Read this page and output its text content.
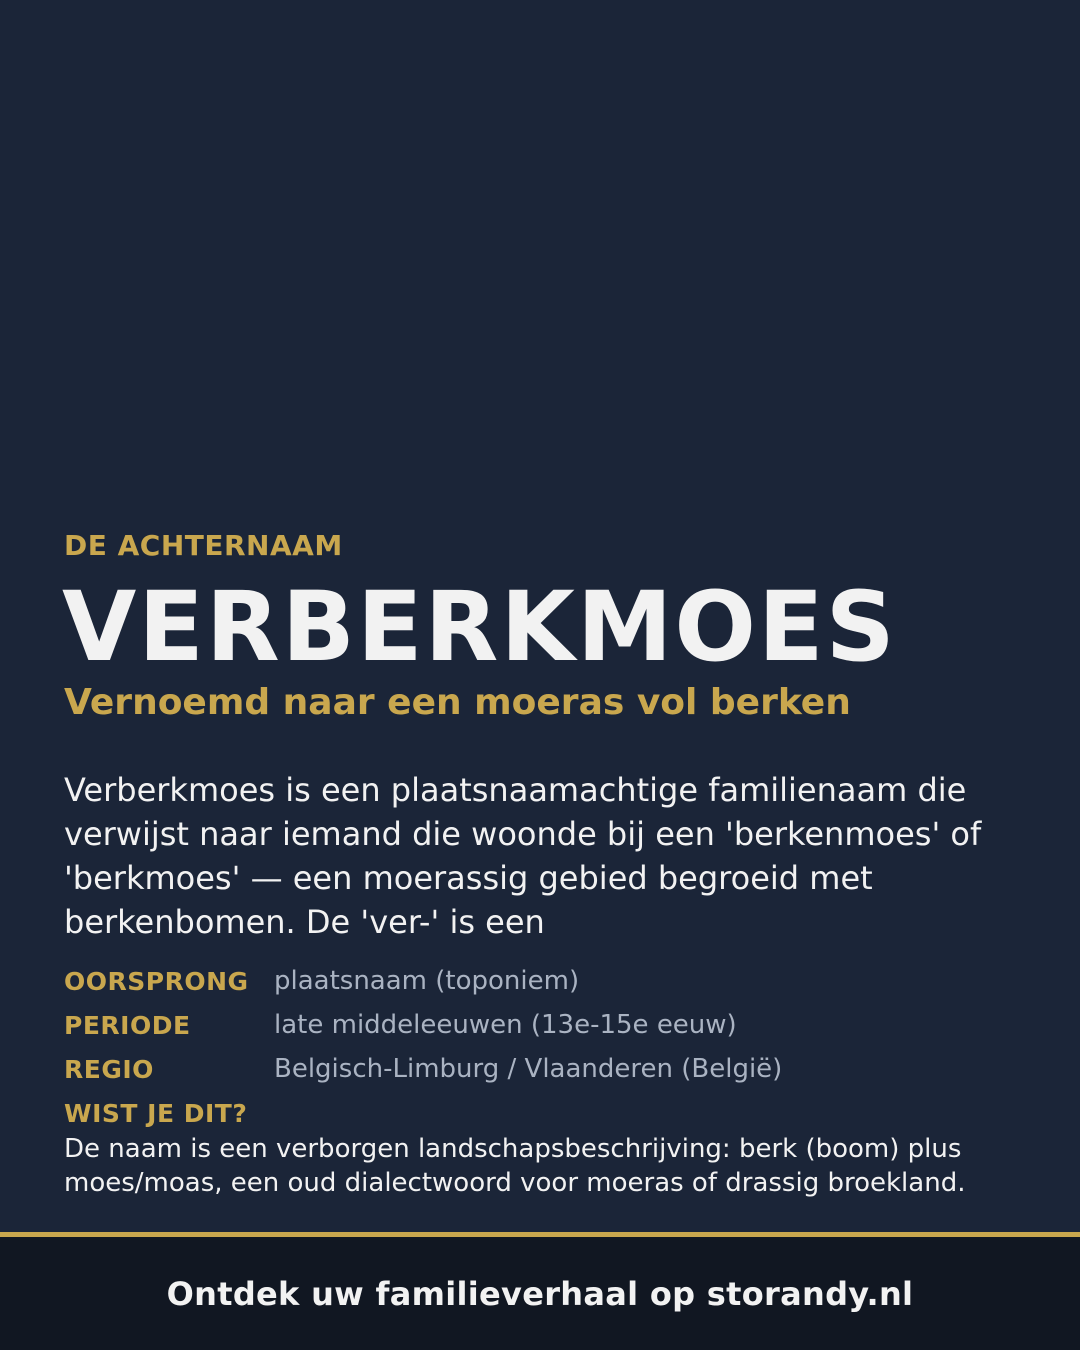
DE ACHTERNAAM
VERBERKMOES
Vernoemd naar een moeras vol berken
Verberkmoes is een plaatsnaamachtige familienaam die verwijst naar iemand die woonde bij een 'berkenmoes' of 'berkmoes' — een moerassig gebied begroeid met berkenbomen. De 'ver-' is een
OORSPRONG plaatsnaam (toponiem)
PERIODE	late middeleeuwen (13e-15e eeuw)
REGIO	Belgisch-Limburg / Vlaanderen (België)
WIST JE DIT?
De naam is een verborgen landschapsbeschrijving: berk (boom) plus moes/moas, een oud dialectwoord voor moeras of drassig broekland.
Ontdek uw familieverhaal op storandy.nl
